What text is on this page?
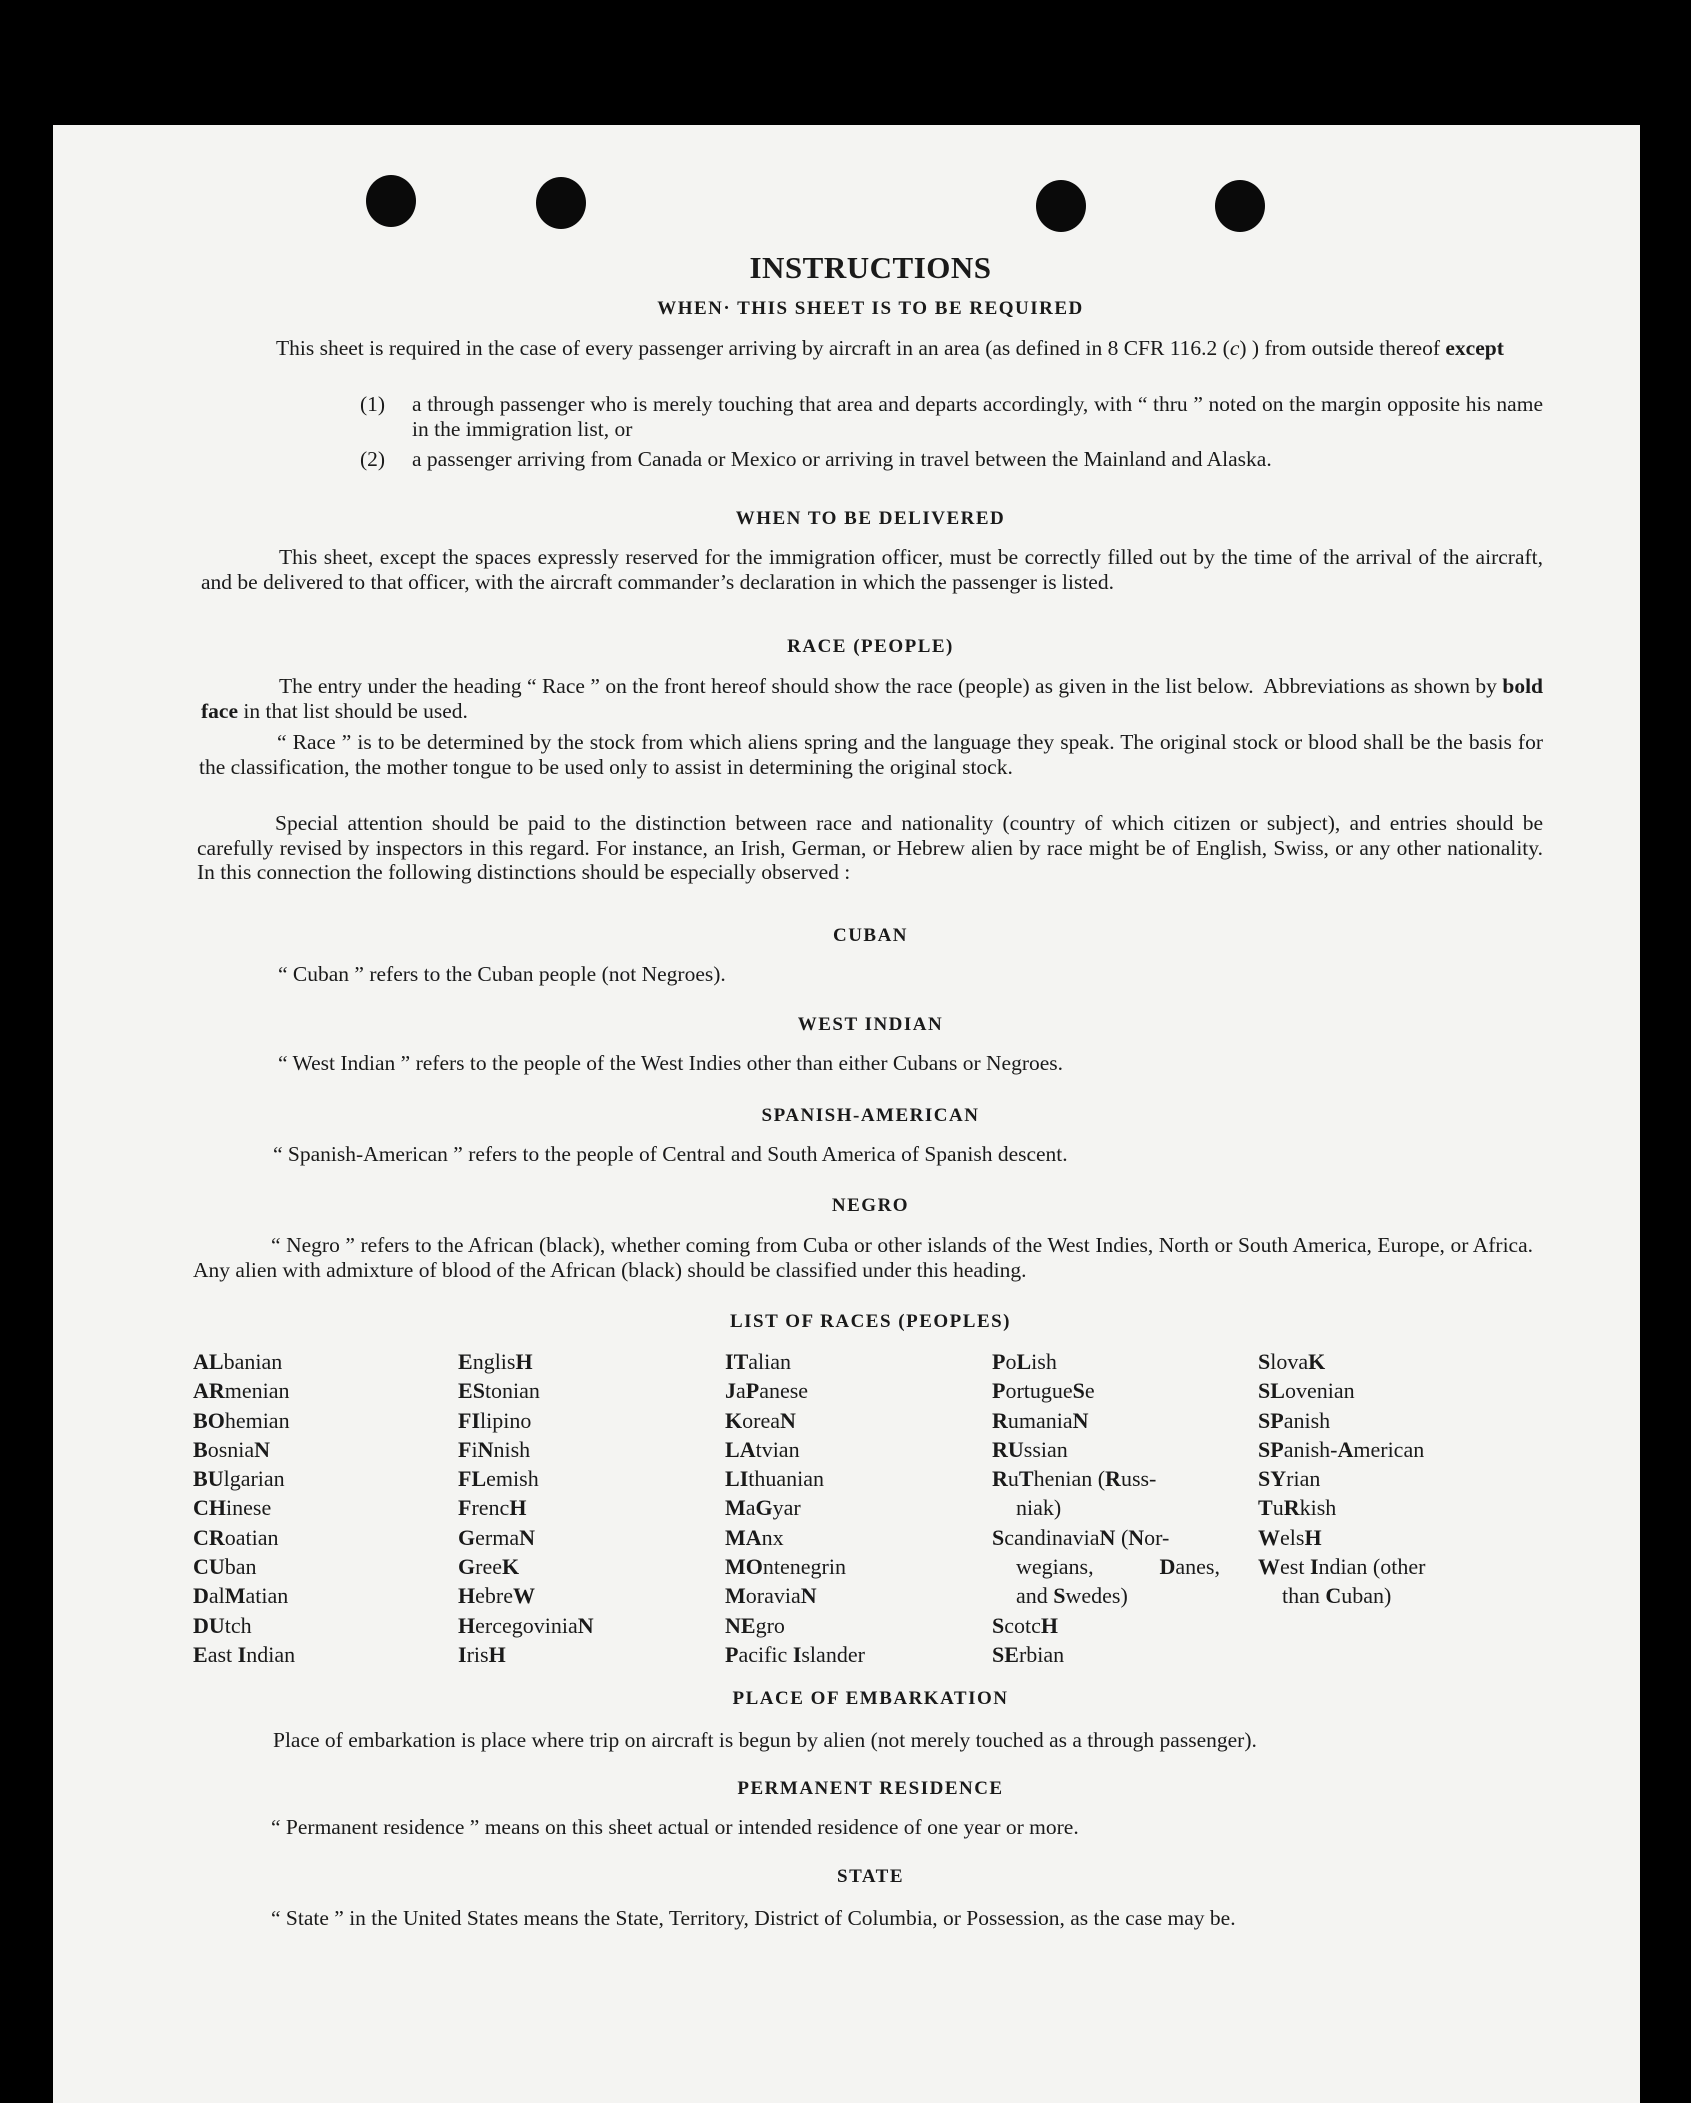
INSTRUCTIONS
WHEN· THIS SHEET IS TO BE REQUIRED
This sheet is required in the case of every passenger arriving by aircraft in an area (as defined in 8 CFR 116.2 (c) ) from outside thereof except
(1) a through passenger who is merely touching that area and departs accordingly, with “ thru ” noted on the margin opposite his name in the immigration list, or
(2) a passenger arriving from Canada or Mexico or arriving in travel between the Mainland and Alaska.
WHEN TO BE DELIVERED
This sheet, except the spaces expressly reserved for the immigration officer, must be correctly filled out by the time of the arrival of the aircraft, and be delivered to that officer, with the aircraft commander’s declaration in which the passenger is listed.
RACE (PEOPLE)
The entry under the heading “ Race ” on the front hereof should show the race (people) as given in the list below.  Abbreviations as shown by bold face in that list should be used.
“ Race ” is to be determined by the stock from which aliens spring and the language they speak. The original stock or blood shall be the basis for the classification, the mother tongue to be used only to assist in determining the original stock.
Special attention should be paid to the distinction between race and nationality (country of which citizen or subject), and entries should be carefully revised by inspectors in this regard. For instance, an Irish, German, or Hebrew alien by race might be of English, Swiss, or any other nationality. In this connection the following distinctions should be especially observed :
CUBAN
“ Cuban ” refers to the Cuban people (not Negroes).
WEST INDIAN
“ West Indian ” refers to the people of the West Indies other than either Cubans or Negroes.
SPANISH-AMERICAN
“ Spanish-American ” refers to the people of Central and South America of Spanish descent.
NEGRO
“ Negro ” refers to the African (black), whether coming from Cuba or other islands of the West Indies, North or South America, Europe, or Africa. Any alien with admixture of blood of the African (black) should be classified under this heading.
LIST OF RACES (PEOPLES)
ALbanian
ARmenian
BOhemian
BosniaN
BUlgarian
CHinese
CRoatian
CUban
DalMatian
DUtch
East Indian
EnglisH
EStonian
FIlipino
FiNnish
FLemish
FrencH
GermaN
GreeK
HebreW
HercegoviniaN
IrisH
ITalian
JaPanese
KoreaN
LAtvian
LIthuanian
MaGyar
MAnx
MOntenegrin
MoraviaN
NEgro
Pacific Islander
PoLish
PortugueSe
RumaniaN
RUssian
RuThenian (Russ-
niak)
ScandinaviaN (Nor-
wegians, Danes,
and Swedes)
ScotcH
SErbian
SlovaK
SLovenian
SPanish
SPanish-American
SYrian
TuRkish
WelsH
West Indian (other
than Cuban)
PLACE OF EMBARKATION
Place of embarkation is place where trip on aircraft is begun by alien (not merely touched as a through passenger).
PERMANENT RESIDENCE
“ Permanent residence ” means on this sheet actual or intended residence of one year or more.
STATE
“ State ” in the United States means the State, Territory, District of Columbia, or Possession, as the case may be.
